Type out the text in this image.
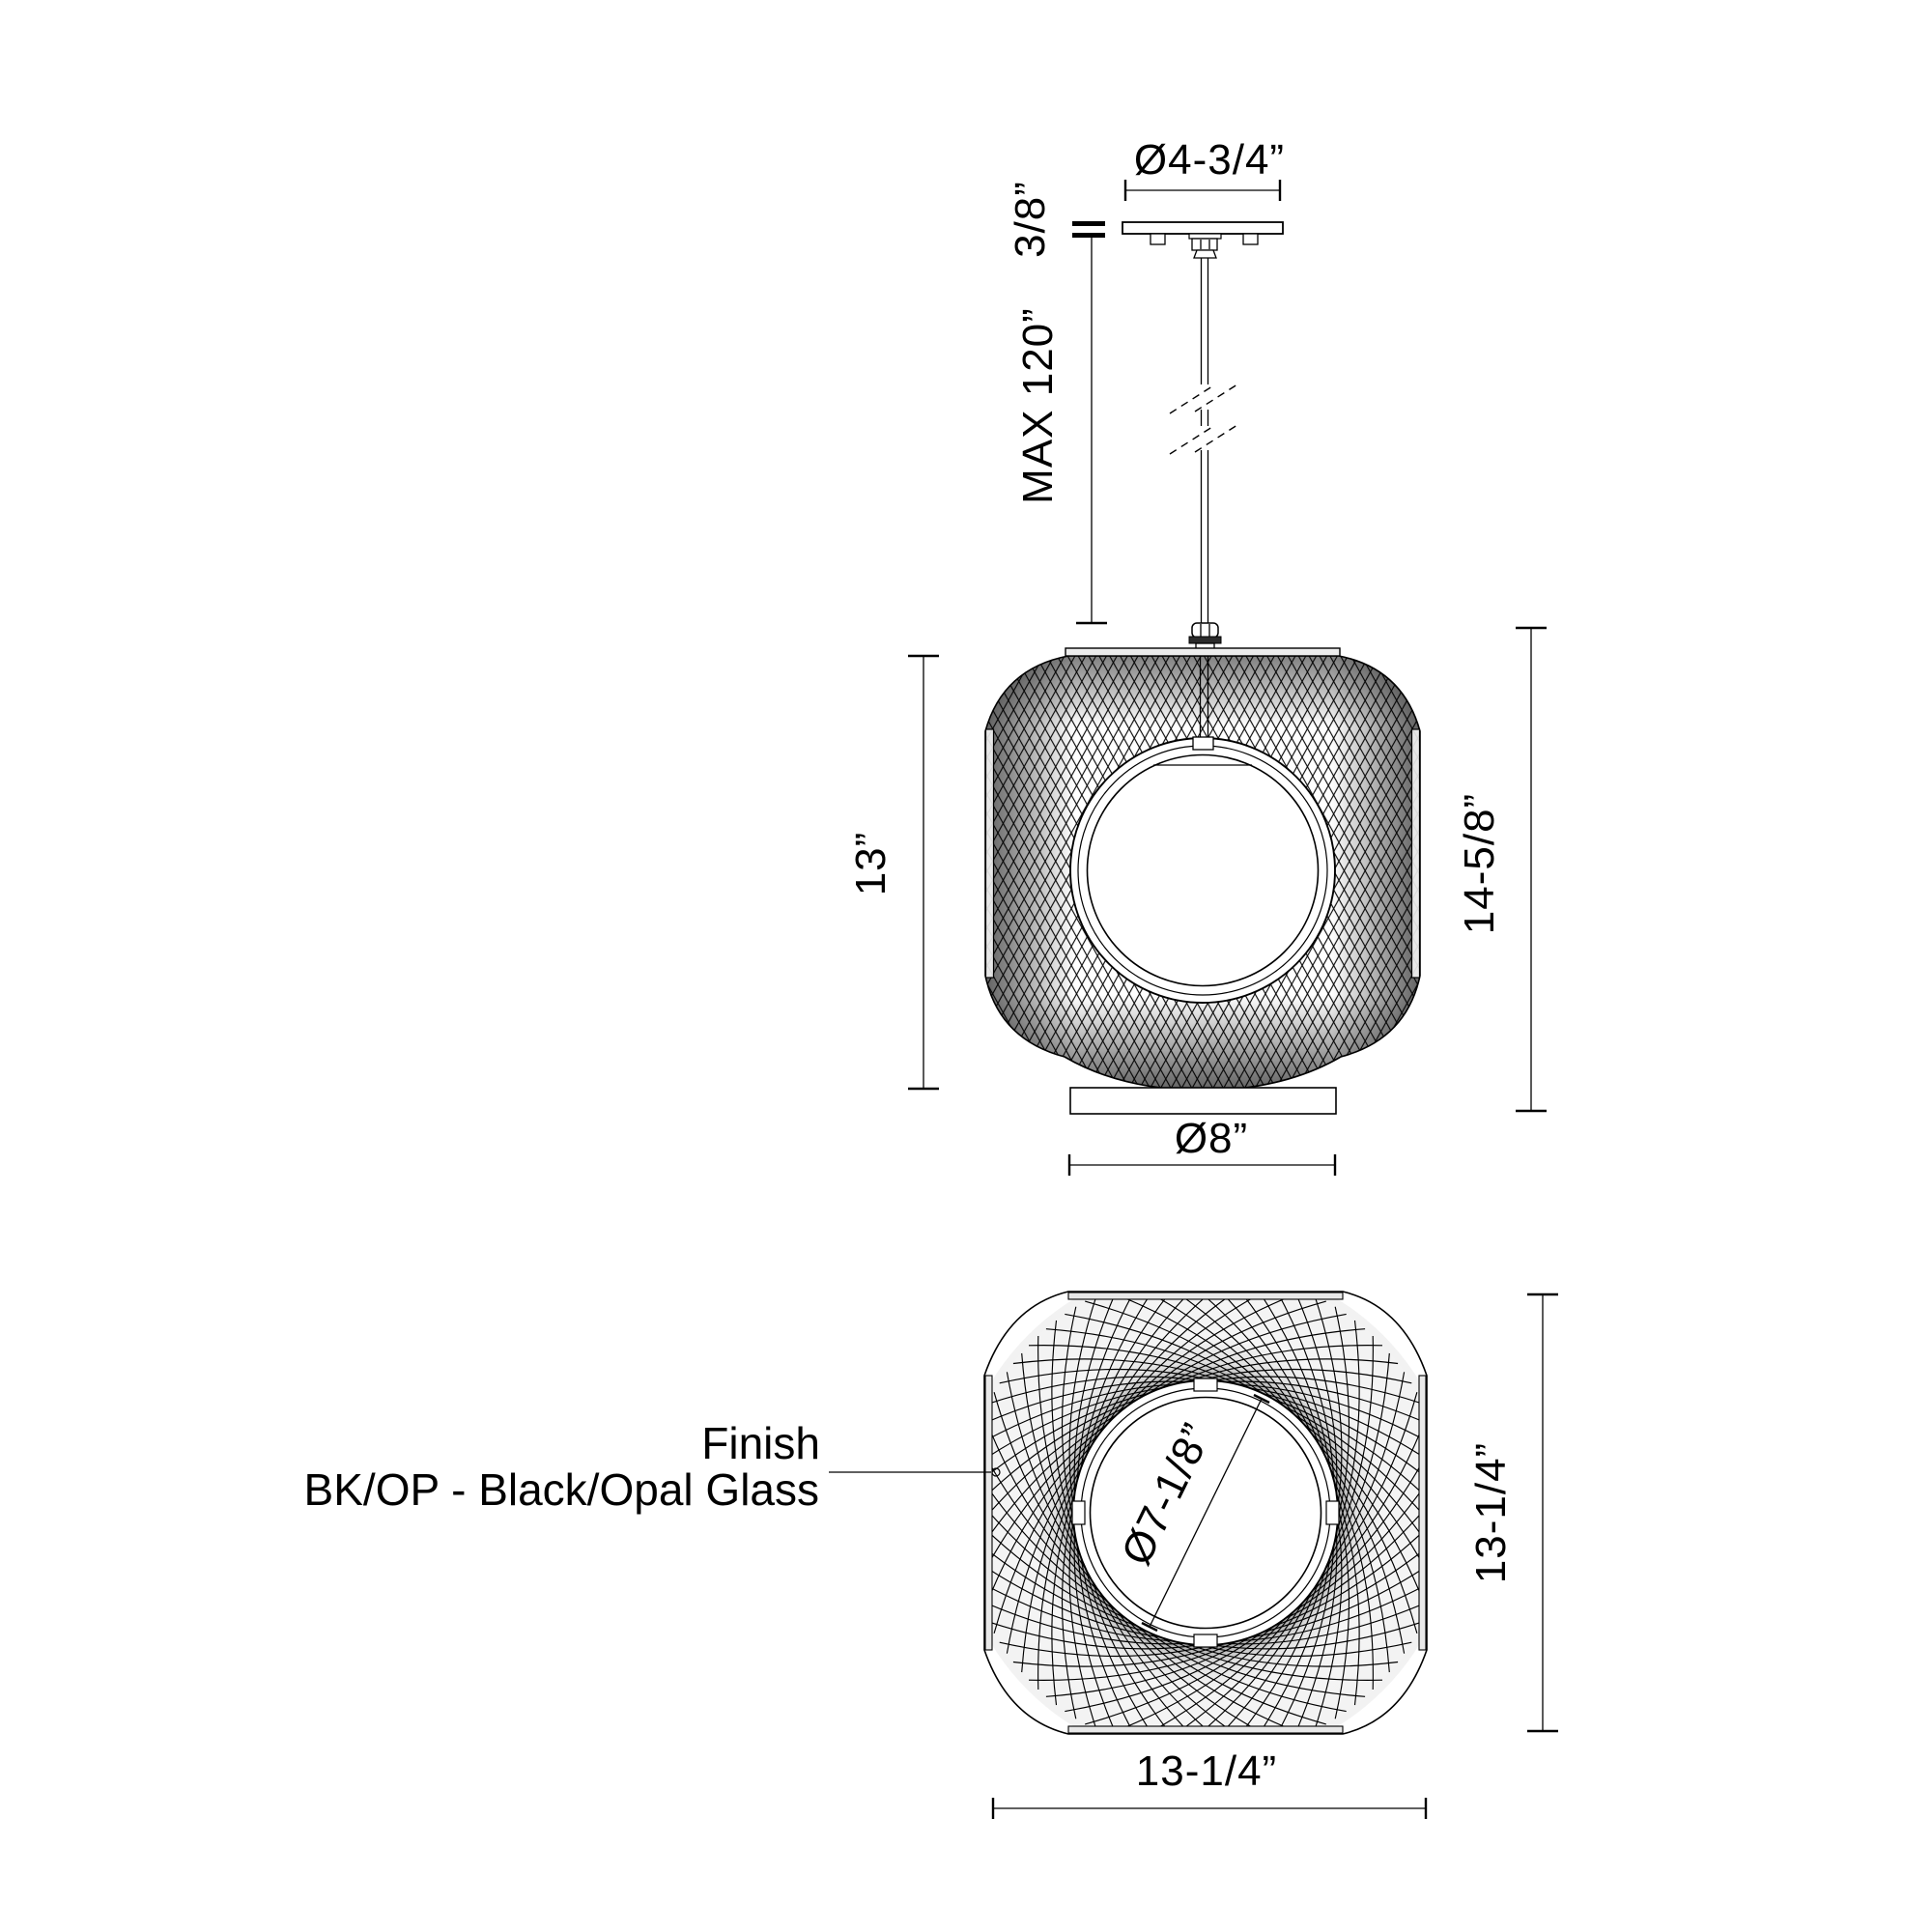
Ø4-3/4”
3/8”
MAX 120”
13”	14-5/8”
Ø8”
Ø7-1/8”	13-1/4”
13-1/4”
Finish
BK/OP - Black/Opal Glass
